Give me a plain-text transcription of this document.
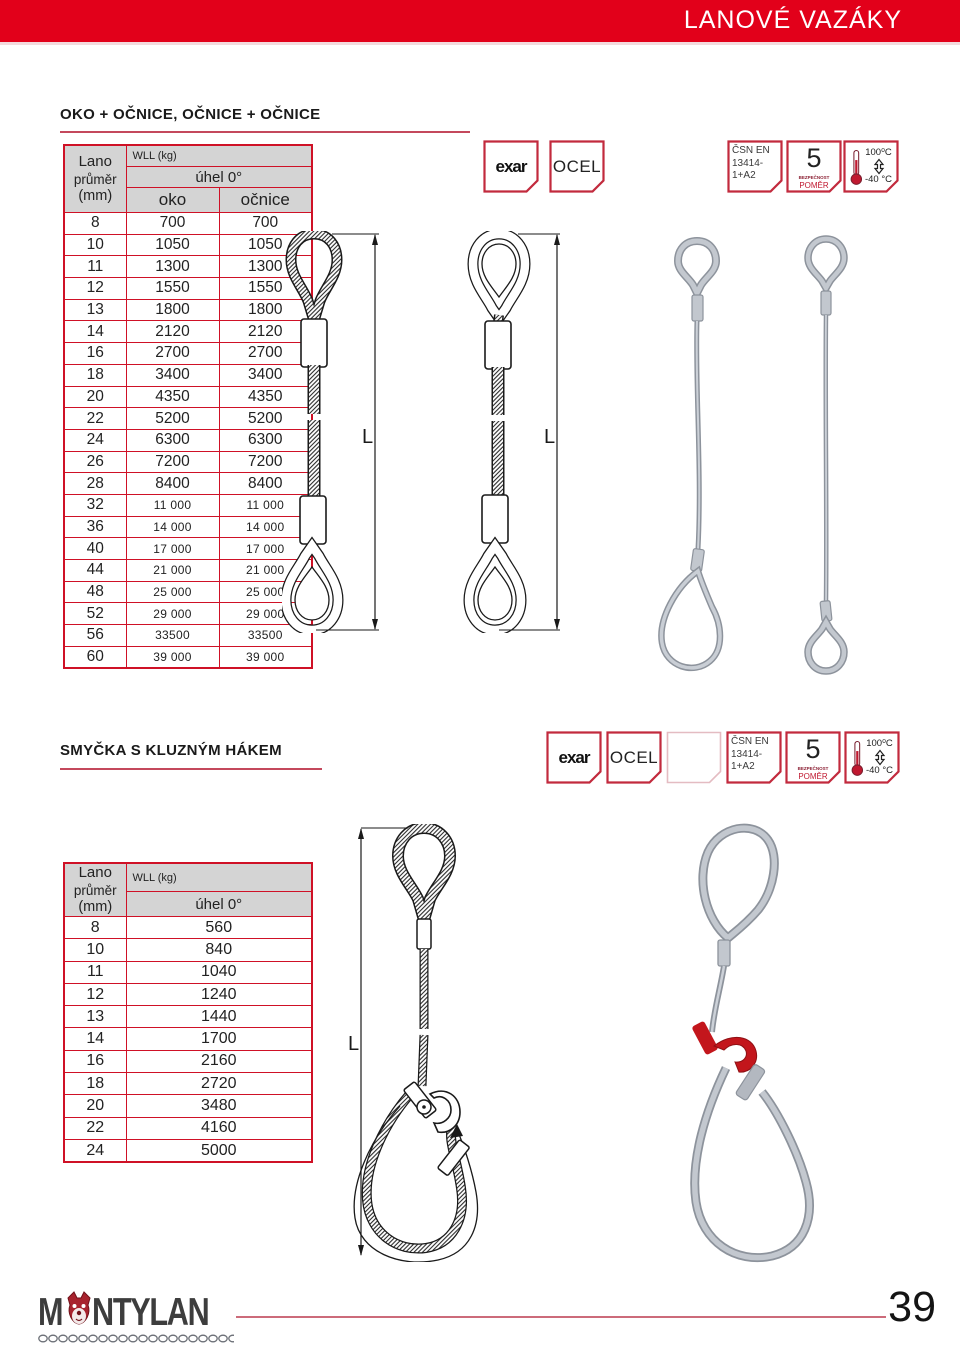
LANOVÉ VAZÁKY
OKO + OČNICE, OČNICE + OČNICE
Lano
průměr
(mm)	WLL (kg)	
	úhel 0°	
	oko	očnice
8	700	700
10	1050	1050
11	1300	1300
12	1550	1550
13	1800	1800
14	2120	2120
16	2700	2700
18	3400	3400
20	4350	4350
22	5200	5200
24	6300	6300
26	7200	7200
28	8400	8400
32	11 000	11 000
36	14 000	14 000
40	17 000	17 000
44	21 000	21 000
48	25 000	25 000
52	29 000	29 000
56	33500	33500
60	39 000	39 000
L	L
exar OCEL
ČSN EN
13414-
1+A2
5
BEZPEČNOST
POMĚR
100⁰C
-40 °C
SMYČKA S KLUZNÝM HÁKEM	exar OCEL
ČSN EN
13414-
1+A2
5
BEZPEČNOST
POMĚR
100⁰C
-40 °C
Lano
průměr
(mm)	WLL (kg)
	úhel 0°
8	560
10	840
11	1040
12	1240
13	1440
14	1700
16	2160
18	2720
20	3480
22	4160
24	5000
L
M NTYLAN	39
